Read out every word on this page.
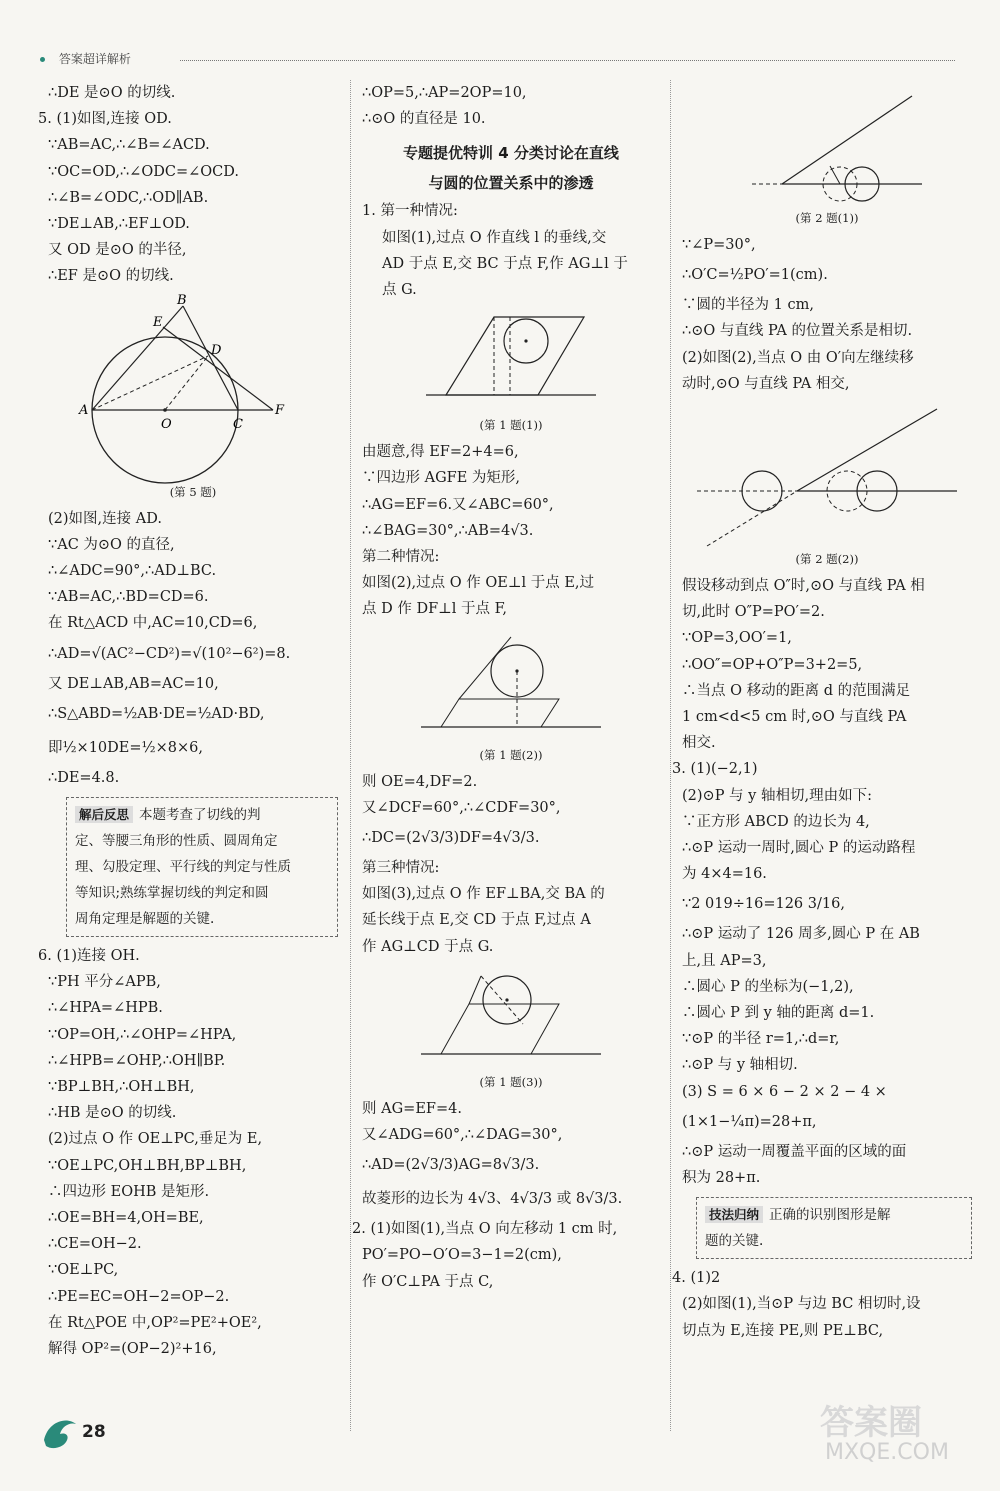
答案超详解析
∴DE 是⊙O 的切线.
5. (1)如图,连接 OD.
∵AB=AC,∴∠B=∠ACD.
∵OC=OD,∴∠ODC=∠OCD.
∴∠B=∠ODC,∴OD∥AB.
∵DE⊥AB,∴EF⊥OD.
又 OD 是⊙O 的半径,
∴EF 是⊙O 的切线.
B
E
D
A
O	C
F
(第 5 题)
(2)如图,连接 AD.
∵AC 为⊙O 的直径,
∴∠ADC=90°,∴AD⊥BC.
∵AB=AC,∴BD=CD=6.
在 Rt△ACD 中,AC=10,CD=6,
∴AD=√(AC²−CD²)=√(10²−6²)=8.
又 DE⊥AB,AB=AC=10,
∴S△ABD=½AB·DE=½AD·BD,
即½×10DE=½×8×6,
∴DE=4.8.
解后反思 本题考查了切线的判
定、等腰三角形的性质、圆周角定
理、勾股定理、平行线的判定与性质
等知识;熟练掌握切线的判定和圆
周角定理是解题的关键.
6. (1)连接 OH.
∵PH 平分∠APB,
∴∠HPA=∠HPB.
∵OP=OH,∴∠OHP=∠HPA,
∴∠HPB=∠OHP,∴OH∥BP.
∵BP⊥BH,∴OH⊥BH,
∴HB 是⊙O 的切线.
(2)过点 O 作 OE⊥PC,垂足为 E,
∵OE⊥PC,OH⊥BH,BP⊥BH,
∴四边形 EOHB 是矩形.
∴OE=BH=4,OH=BE,
∴CE=OH−2.
∵OE⊥PC,
∴PE=EC=OH−2=OP−2.
在 Rt△POE 中,OP²=PE²+OE²,
解得 OP²=(OP−2)²+16,
∴OP=5,∴AP=2OP=10,
∴⊙O 的直径是 10.
专题提优特训 4 分类讨论在直线
与圆的位置关系中的渗透
1. 第一种情况:
如图(1),过点 O 作直线 l 的垂线,交
AD 于点 E,交 BC 于点 F,作 AG⊥l 于
点 G.
(第 1 题(1))
由题意,得 EF=2+4=6,
∵四边形 AGFE 为矩形,
∴AG=EF=6.又∠ABC=60°,
∴∠BAG=30°,∴AB=4√3.
第二种情况:
如图(2),过点 O 作 OE⊥l 于点 E,过
点 D 作 DF⊥l 于点 F,
(第 1 题(2))
则 OE=4,DF=2.
又∠DCF=60°,∴∠CDF=30°,
∴DC=(2√3/3)DF=4√3/3.
第三种情况:
如图(3),过点 O 作 EF⊥BA,交 BA 的
延长线于点 E,交 CD 于点 F,过点 A
作 AG⊥CD 于点 G.
(第 1 题(3))
则 AG=EF=4.
又∠ADG=60°,∴∠DAG=30°,
∴AD=(2√3/3)AG=8√3/3.
故菱形的边长为 4√3、4√3/3 或 8√3/3.
2. (1)如图(1),当点 O 向左移动 1 cm 时,
PO′=PO−O′O=3−1=2(cm),
作 O′C⊥PA 于点 C,
(第 2 题(1))
∵∠P=30°,
∴O′C=½PO′=1(cm).
∵圆的半径为 1 cm,
∴⊙O 与直线 PA 的位置关系是相切.
(2)如图(2),当点 O 由 O′向左继续移
动时,⊙O 与直线 PA 相交,
(第 2 题(2))
假设移动到点 O″时,⊙O 与直线 PA 相
切,此时 O″P=PO′=2.
∵OP=3,OO′=1,
∴OO″=OP+O″P=3+2=5,
∴当点 O 移动的距离 d 的范围满足
1 cm<d<5 cm 时,⊙O 与直线 PA
相交.
3. (1)(−2,1)
(2)⊙P 与 y 轴相切,理由如下:
∵正方形 ABCD 的边长为 4,
∴⊙P 运动一周时,圆心 P 的运动路程
为 4×4=16.
∵2 019÷16=126 3/16,
∴⊙P 运动了 126 周多,圆心 P 在 AB
上,且 AP=3,
∴圆心 P 的坐标为(−1,2),
∴圆心 P 到 y 轴的距离 d=1.
∵⊙P 的半径 r=1,∴d=r,
∴⊙P 与 y 轴相切.
(3) S = 6 × 6 − 2 × 2 − 4 ×
(1×1−¼π)=28+π,
∴⊙P 运动一周覆盖平面的区域的面
积为 28+π.
技法归纳 正确的识别图形是解
题的关键.
4. (1)2
(2)如图(1),当⊙P 与边 BC 相切时,设
切点为 E,连接 PE,则 PE⊥BC,
28	答案圈
MXQE.COM
